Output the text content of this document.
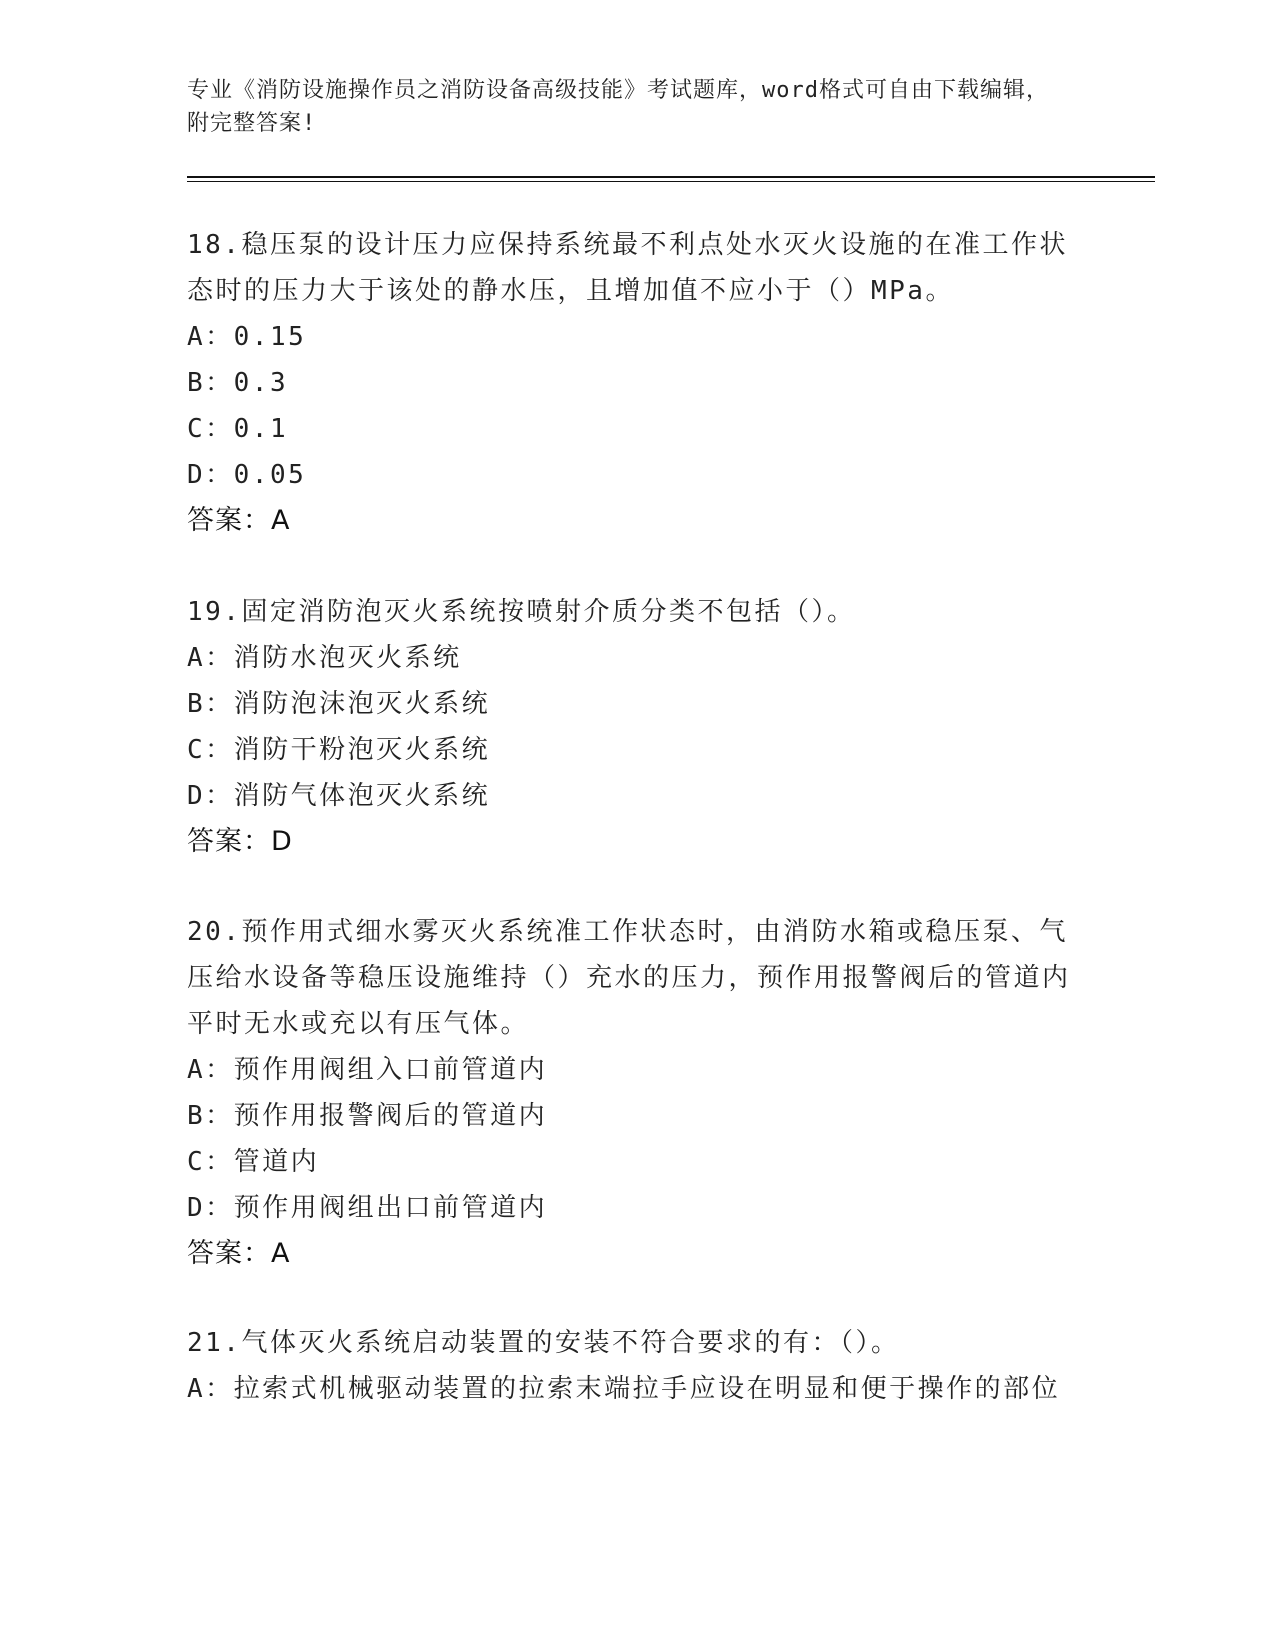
专业《消防设施操作员之消防设备高级技能》考试题库，word格式可自由下载编辑，附完整答案!

18.稳压泵的设计压力应保持系统最不利点处水灭火设施的在准工作状态时的压力大于该处的静水压，且增加值不应小于（）MPa。

A：0.15

B：0.3

C：0.1

D：0.05

答案：A

19.固定消防泡灭火系统按喷射介质分类不包括（）。

A：消防水泡灭火系统

B：消防泡沫泡灭火系统

C：消防干粉泡灭火系统

D：消防气体泡灭火系统

答案：D

20.预作用式细水雾灭火系统准工作状态时，由消防水箱或稳压泵、气压给水设备等稳压设施维持（）充水的压力，预作用报警阀后的管道内平时无水或充以有压气体。

A：预作用阀组入口前管道内

B：预作用报警阀后的管道内

C：管道内

D：预作用阀组出口前管道内

答案：A

21.气体灭火系统启动装置的安装不符合要求的有：（）。

A：拉索式机械驱动装置的拉索末端拉手应设在明显和便于操作的部位
